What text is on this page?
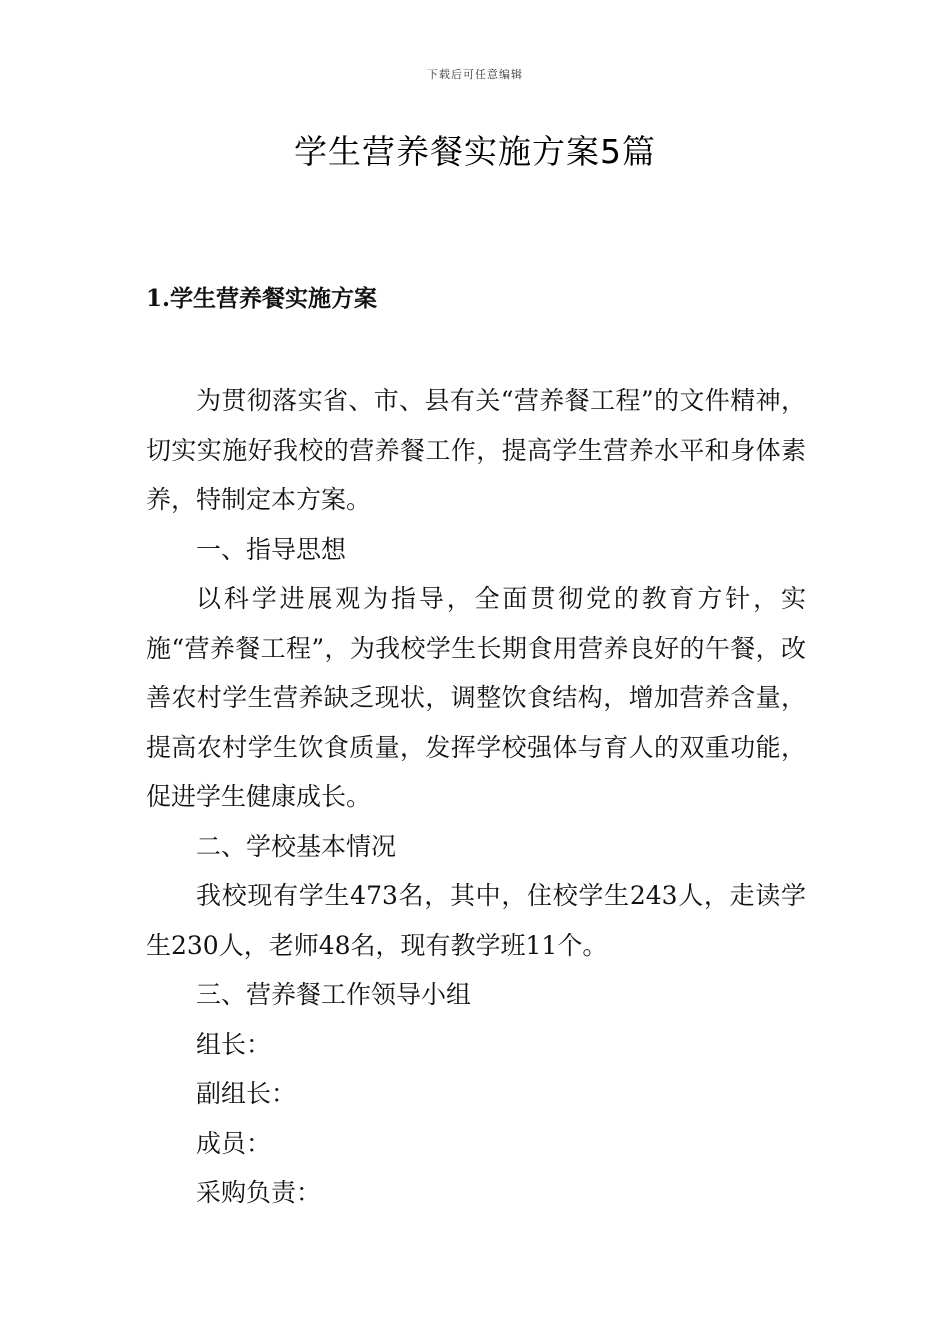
下载后可任意编辑
学生营养餐实施方案5篇
1.学生营养餐实施方案

为贯彻落实省、市、县有关“营养餐工程”的文件精神，切实实施好我校的营养餐工作，提高学生营养水平和身体素养，特制定本方案。

一、指导思想

以科学进展观为指导，全面贯彻党的教育方针，实施“营养餐工程”，为我校学生长期食用营养良好的午餐，改善农村学生营养缺乏现状，调整饮食结构，增加营养含量，提高农村学生饮食质量，发挥学校强体与育人的双重功能，促进学生健康成长。

二、学校基本情况

我校现有学生473名，其中，住校学生243人，走读学生230人，老师48名，现有教学班11个。

三、营养餐工作领导小组

组长：

副组长：

成员：

采购负责：
